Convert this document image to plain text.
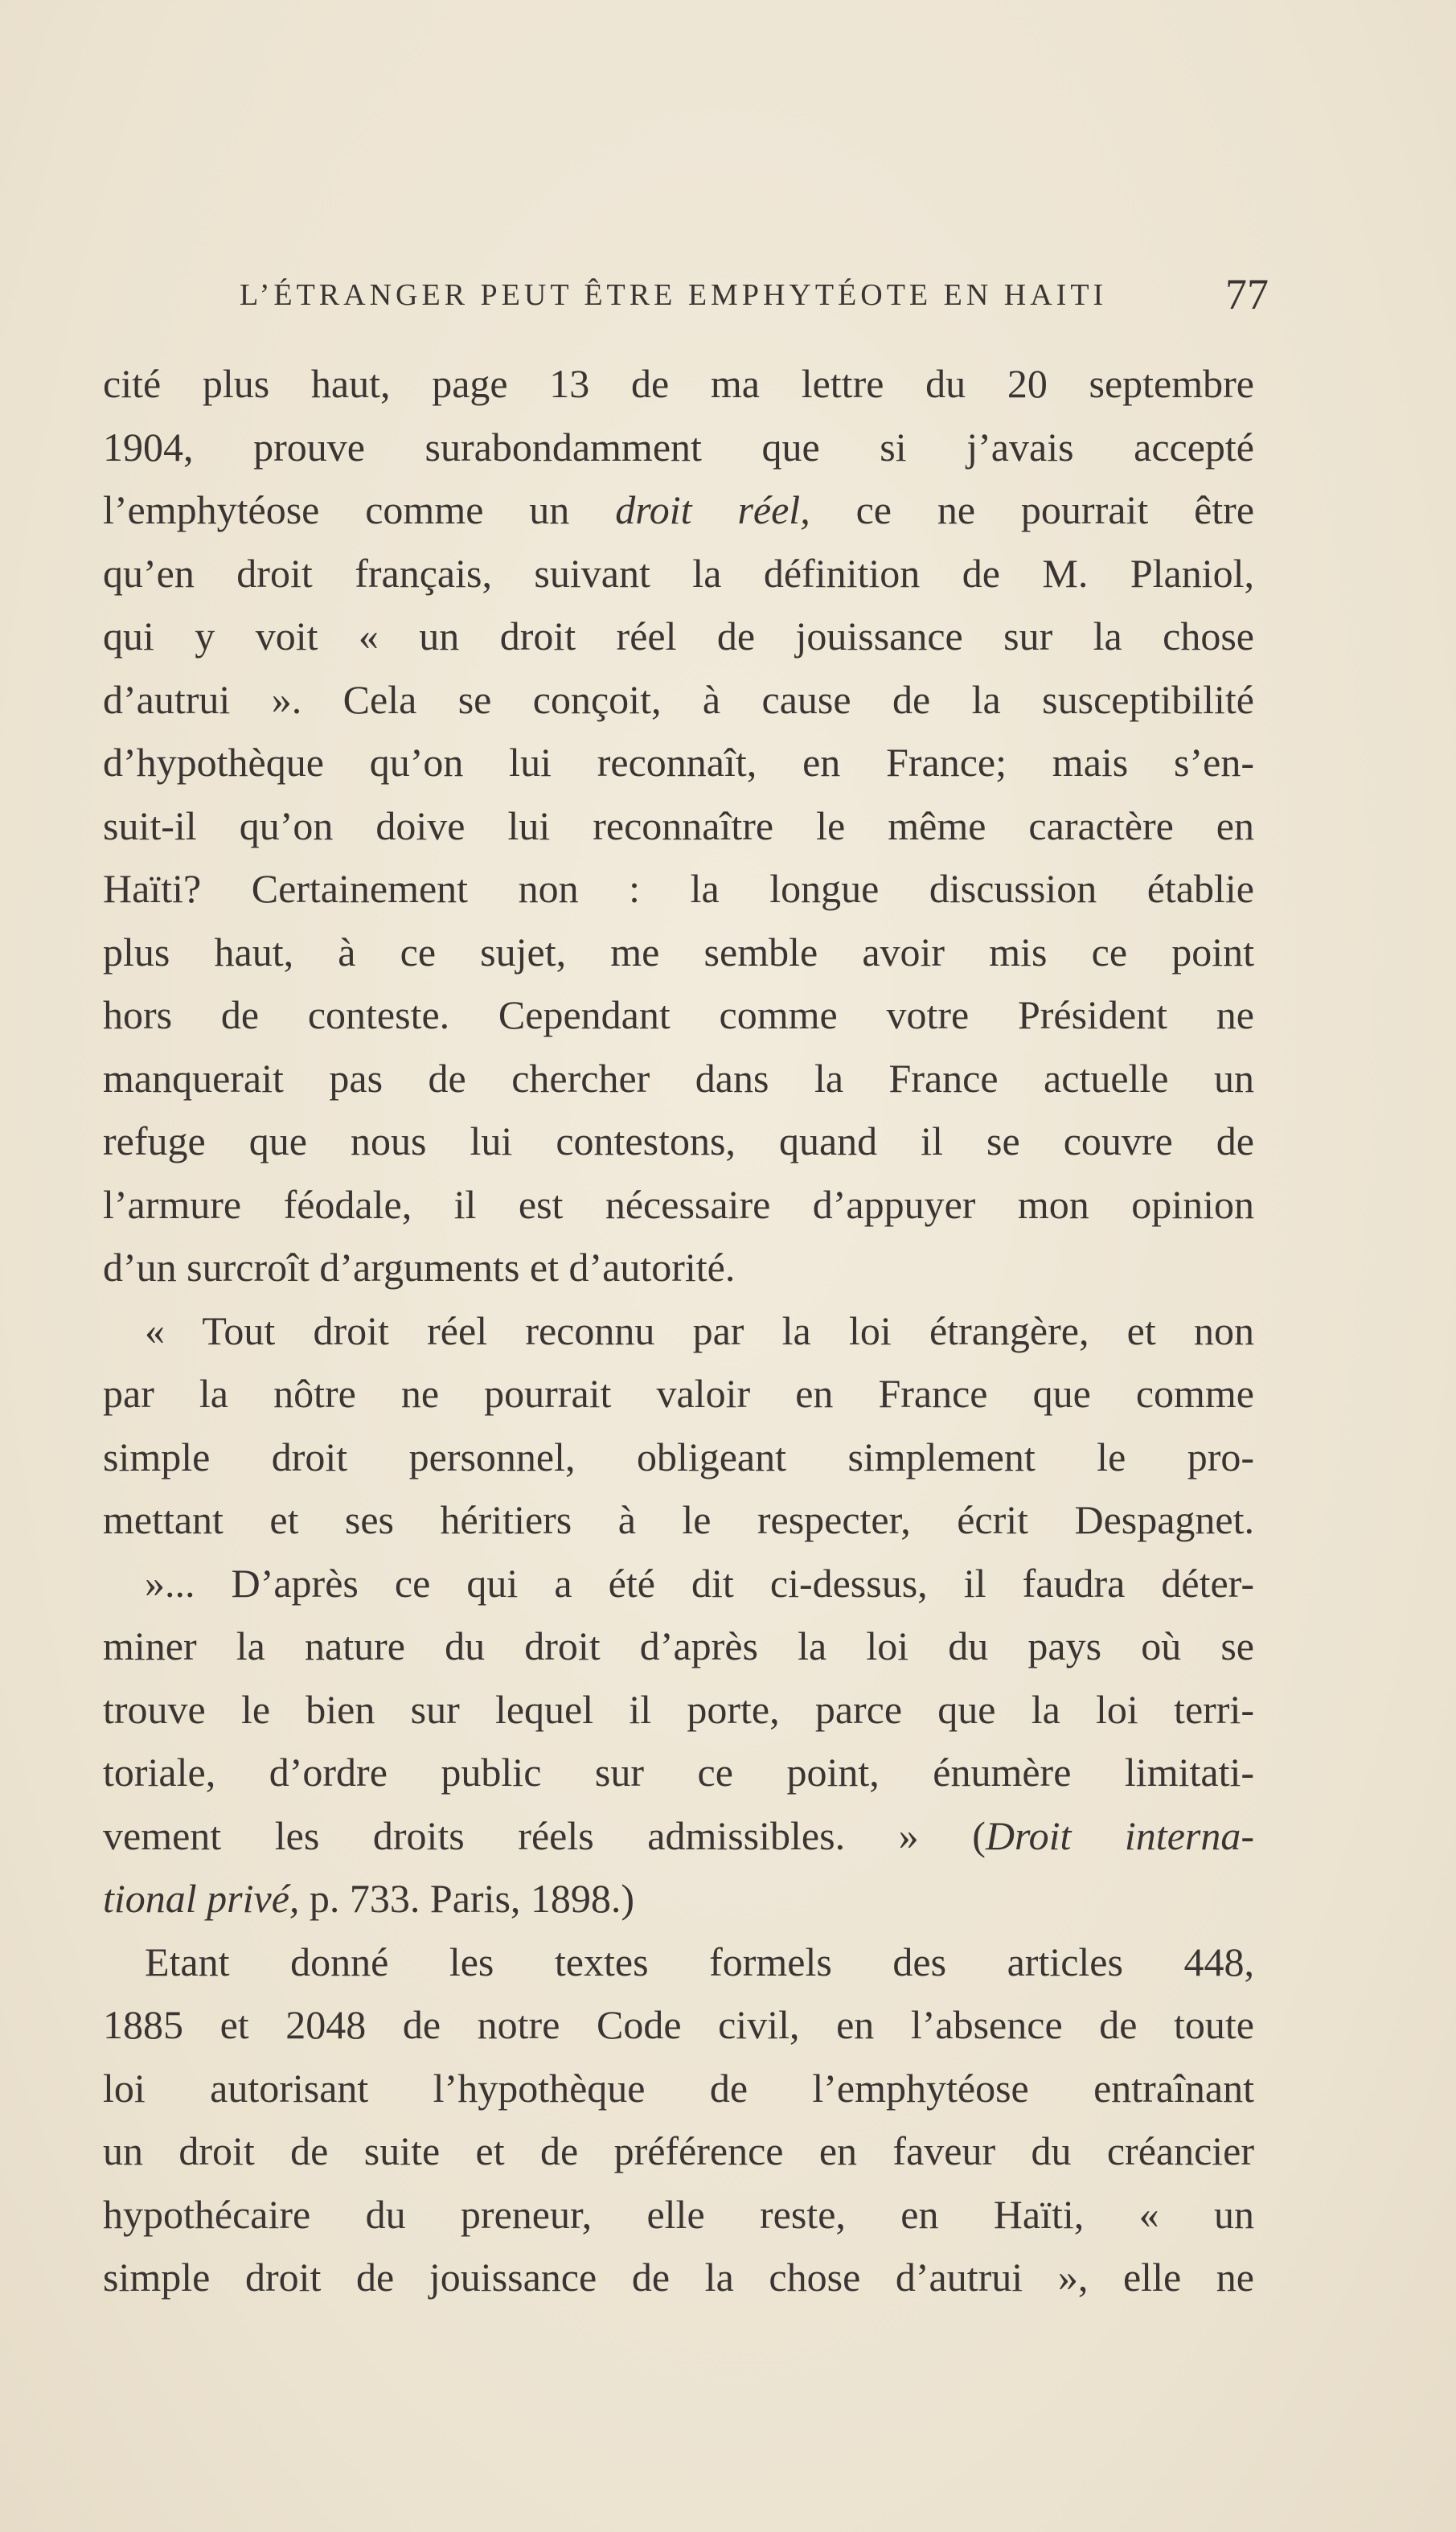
L’ÉTRANGER PEUT ÊTRE EMPHYTÉOTE EN HAITI	77
cité plus haut, page 13 de ma lettre du 20 septembre
1904, prouve surabondamment que si j’avais accepté
l’emphytéose comme un droit réel, ce ne pourrait être
qu’en droit français, suivant la définition de M. Planiol,
qui y voit « un droit réel de jouissance sur la chose
d’autrui ». Cela se conçoit, à cause de la susceptibilité
d’hypothèque qu’on lui reconnaît, en France; mais s’en-
suit-il qu’on doive lui reconnaître le même caractère en
Haïti? Certainement non : la longue discussion établie
plus haut, à ce sujet, me semble avoir mis ce point
hors de conteste. Cependant comme votre Président ne
manquerait pas de chercher dans la France actuelle un
refuge que nous lui contestons, quand il se couvre de
l’armure féodale, il est nécessaire d’appuyer mon opinion
d’un surcroît d’arguments et d’autorité.
« Tout droit réel reconnu par la loi étrangère, et non
par la nôtre ne pourrait valoir en France que comme
simple droit personnel, obligeant simplement le pro-
mettant et ses héritiers à le respecter, écrit Despagnet.
»... D’après ce qui a été dit ci-dessus, il faudra déter-
miner la nature du droit d’après la loi du pays où se
trouve le bien sur lequel il porte, parce que la loi terri-
toriale, d’ordre public sur ce point, énumère limitati-
vement les droits réels admissibles. » (Droit interna-
tional privé, p. 733. Paris, 1898.)
Etant donné les textes formels des articles 448,
1885 et 2048 de notre Code civil, en l’absence de toute
loi autorisant l’hypothèque de l’emphytéose entraînant
un droit de suite et de préférence en faveur du créancier
hypothécaire du preneur, elle reste, en Haïti, « un
simple droit de jouissance de la chose d’autrui », elle ne
